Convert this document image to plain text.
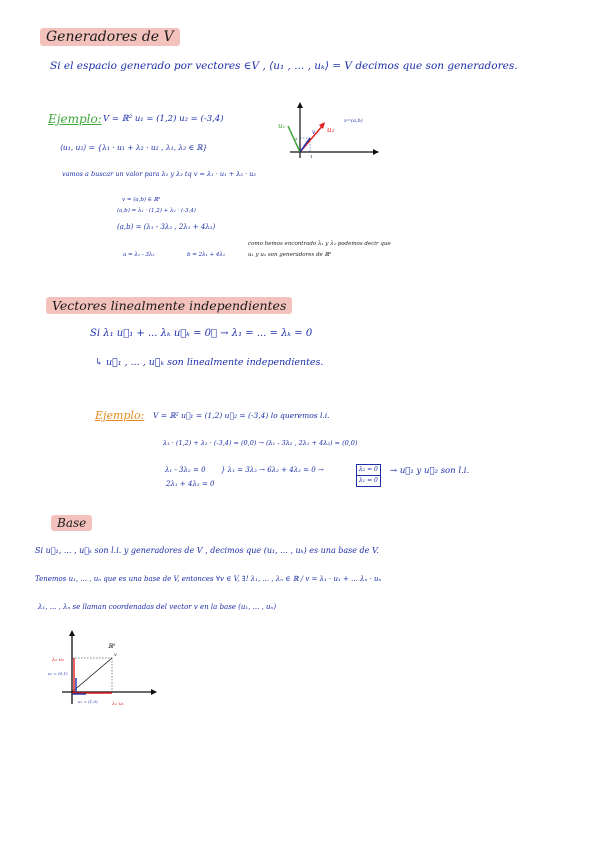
Generadores de V
Si el espacio generado por vectores ∈V , ⟨u₁ , ... , uₖ⟩ = V decimos que son generadores.
Ejemplo: V = ℝ² u₁ = (1,2) u₂ = (-3,4)
⟨u₁, u₂⟩ = {λ₁ · u₁ + λ₂ · u₂ , λ₁, λ₂ ∈ ℝ}
vamos a buscar un valor para λ₁ y λ₂ tq v = λ₁ · u₁ + λ₂ · u₂
v = (a,b) ∈ ℝ²
(a,b) = λ₁ · (1,2) + λ₂ · (-3,4)
(a,b) = (λ₁ - 3λ₂ , 2λ₁ + 4λ₂)
a = λ₁ - 3λ₂	b = 2λ₁ + 4λ₂
como hemos encontrado λ₁ y λ₂ podemos decir que
u₁ y u₂ son generadores de ℝ²
u₁	u₂
v
v=(a,b)
2
1
Vectores linealmente independientes
Si λ₁ u⃗₁ + ... λₖ u⃗ₖ = 0⃗ → λ₁ = ... = λₖ = 0
↳ u⃗₁ , ... , u⃗ₖ son linealmente independientes.
Ejemplo: V = ℝ² u⃗₁ = (1,2) u⃗₂ = (-3,4) lo queremos l.i.
λ₁ · (1,2) + λ₂ · (-3,4) = (0,0) → (λ₁ - 3λ₂ , 2λ₁ + 4λ₂) = (0,0)
λ₁ - 3λ₂ = 0
2λ₁ + 4λ₂ = 0
} λ₁ = 3λ₂ → 6λ₂ + 4λ₂ = 0 →	λ₂ = 0
λ₁ = 0
→ u⃗₁ y u⃗₂ son l.i.
Base
Si u⃗₁, ... , u⃗ₖ son l.i. y generadores de V , decimos que (u₁, ... , uₖ) es una base de V.
Tenemos u₁, ... , uₙ que es una base de V, entonces ∀v ∈ V, ∃! λ₁, ... , λₙ ∈ ℝ / v = λ₁ · u₁ + ... λₙ · uₙ
λ₁, ... , λₙ se llaman coordenadas del vector v en la base (u₁, ... , uₙ)
ℝ²
v
λ₂ u₂
u₂ = (0,1)
u₁ = (1,0)	λ₁ u₁
